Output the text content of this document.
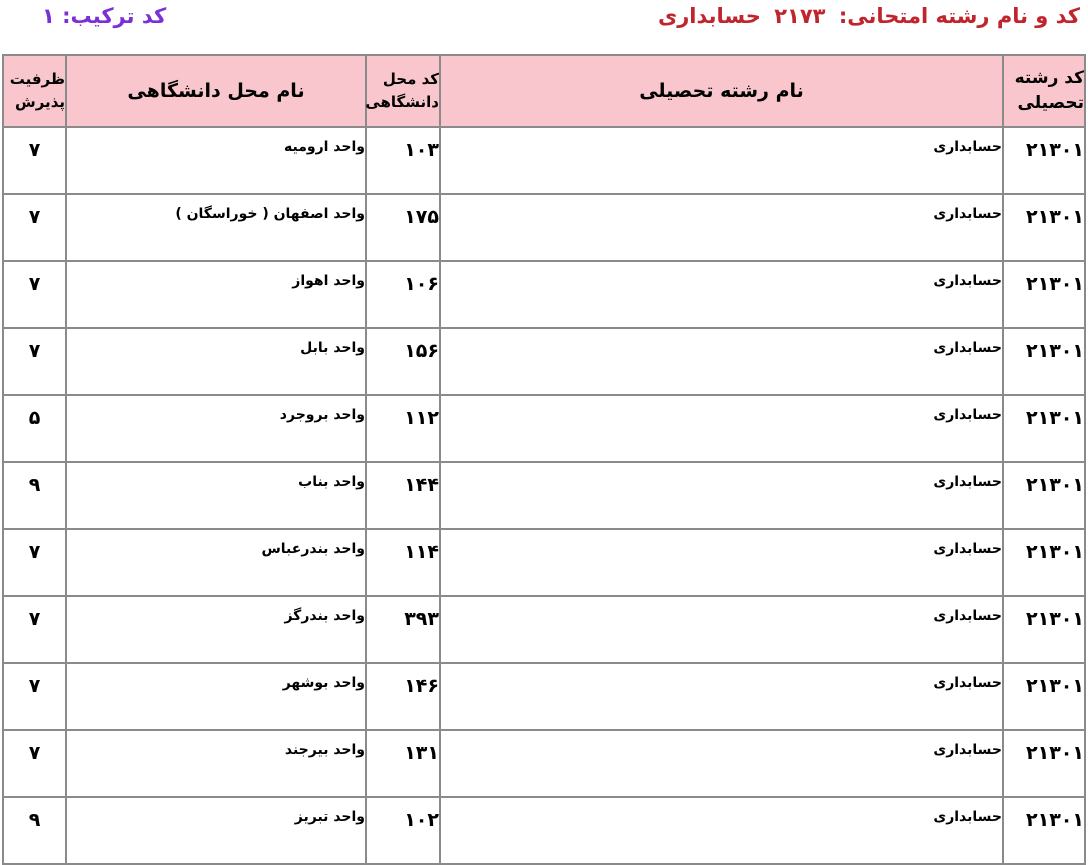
کد و نام رشته امتحانی: ۲۱۷۳ حسابداری
کد ترکیب: ۱
کد رشته تحصیلی	نام رشته تحصیلی	کد محل دانشگاهی	نام محل دانشگاهی	ظرفیت پذیرش
۲۱۳۰۱	حسابداری	۱۰۳	واحد ارومیه	۷
۲۱۳۰۱	حسابداری	۱۷۵	واحد اصفهان ( خوراسگان )	۷
۲۱۳۰۱	حسابداری	۱۰۶	واحد اهواز	۷
۲۱۳۰۱	حسابداری	۱۵۶	واحد بابل	۷
۲۱۳۰۱	حسابداری	۱۱۲	واحد بروجرد	۵
۲۱۳۰۱	حسابداری	۱۴۴	واحد بناب	۹
۲۱۳۰۱	حسابداری	۱۱۴	واحد بندرعباس	۷
۲۱۳۰۱	حسابداری	۳۹۳	واحد بندرگز	۷
۲۱۳۰۱	حسابداری	۱۴۶	واحد بوشهر	۷
۲۱۳۰۱	حسابداری	۱۳۱	واحد بیرجند	۷
۲۱۳۰۱	حسابداری	۱۰۲	واحد تبریز	۹
